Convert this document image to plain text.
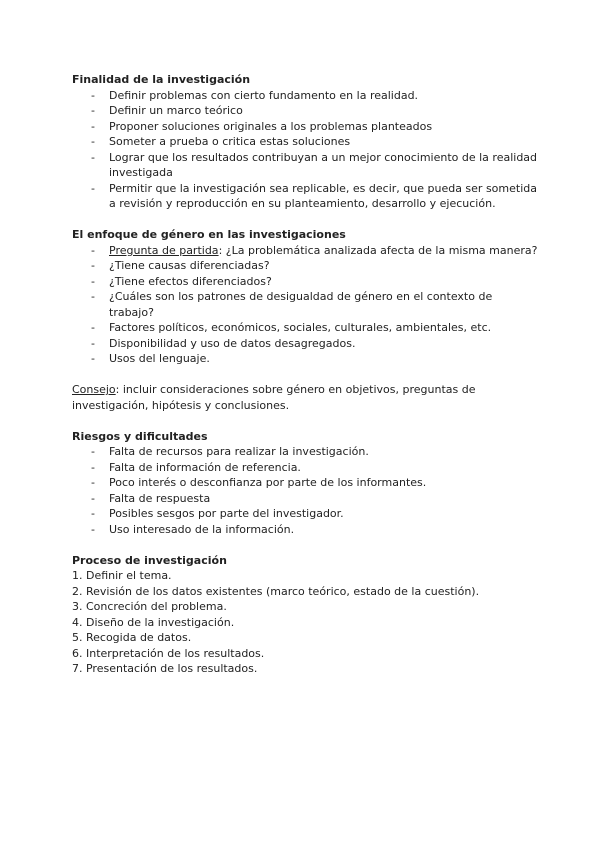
Finalidad de la investigación
- Definir problemas con cierto fundamento en la realidad.
- Definir un marco teórico
- Proponer soluciones originales a los problemas planteados
- Someter a prueba o critica estas soluciones
- Lograr que los resultados contribuyan a un mejor conocimiento de la realidad investigada
- Permitir que la investigación sea replicable, es decir, que pueda ser sometida a revisión y reproducción en su planteamiento, desarrollo y ejecución.
El enfoque de género en las investigaciones
- Pregunta de partida: ¿La problemática analizada afecta de la misma manera?
- ¿Tiene causas diferenciadas?
- ¿Tiene efectos diferenciados?
- ¿Cuáles son los patrones de desigualdad de género en el contexto de trabajo?
- Factores políticos, económicos, sociales, culturales, ambientales, etc.
- Disponibilidad y uso de datos desagregados.
- Usos del lenguaje.

Consejo: incluir consideraciones sobre género en objetivos, preguntas de investigación, hipótesis y conclusiones.

Riesgos y dificultades
- Falta de recursos para realizar la investigación.
- Falta de información de referencia.
- Poco interés o desconfianza por parte de los informantes.
- Falta de respuesta
- Posibles sesgos por parte del investigador.
- Uso interesado de la información.
Proceso de investigación
1. Definir el tema.
2. Revisión de los datos existentes (marco teórico, estado de la cuestión).
3. Concreción del problema.
4. Diseño de la investigación.
5. Recogida de datos.
6. Interpretación de los resultados.
7. Presentación de los resultados.
